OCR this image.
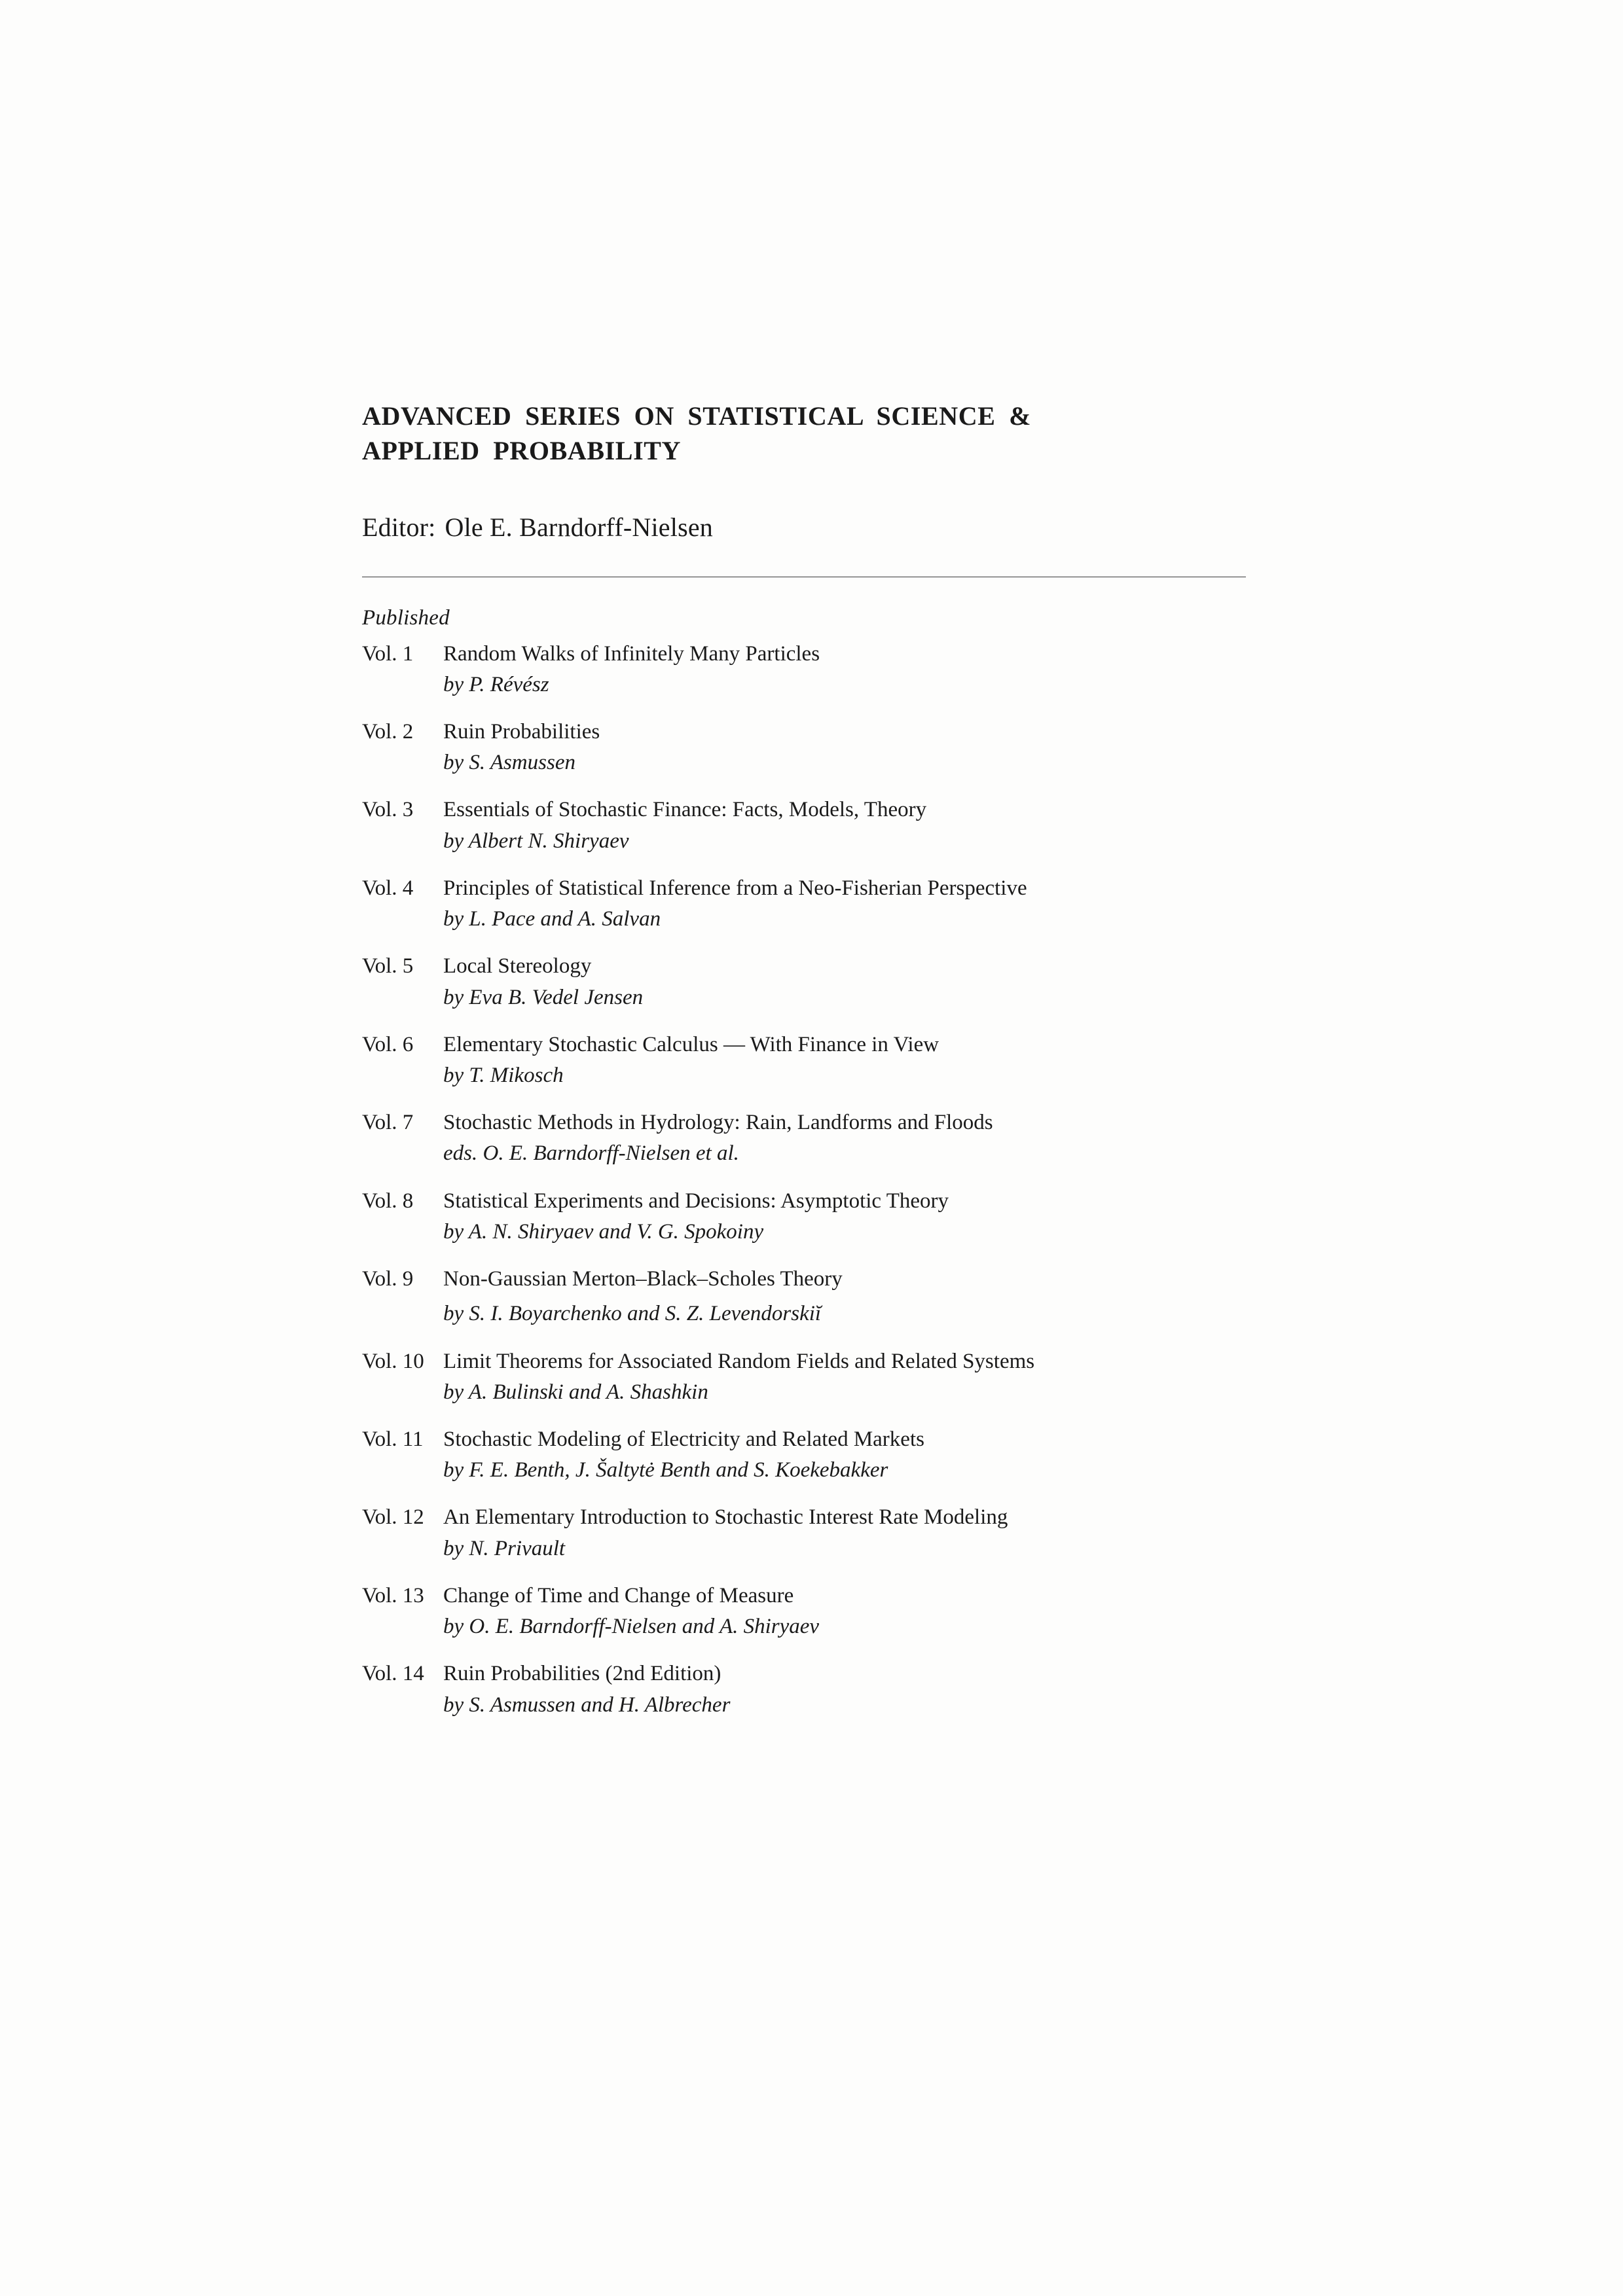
ADVANCED SERIES ON STATISTICAL SCIENCE &
APPLIED PROBABILITY
Editor: Ole E. Barndorff-Nielsen
Published
Vol. 1	Random Walks of Infinitely Many Particles
by P. Révész
Vol. 2	Ruin Probabilities
by S. Asmussen
Vol. 3	Essentials of Stochastic Finance: Facts, Models, Theory
by Albert N. Shiryaev
Vol. 4	Principles of Statistical Inference from a Neo-Fisherian Perspective
by L. Pace and A. Salvan
Vol. 5	Local Stereology
by Eva B. Vedel Jensen
Vol. 6	Elementary Stochastic Calculus — With Finance in View
by T. Mikosch
Vol. 7	Stochastic Methods in Hydrology: Rain, Landforms and Floods
eds. O. E. Barndorff-Nielsen et al.
Vol. 8	Statistical Experiments and Decisions: Asymptotic Theory
by A. N. Shiryaev and V. G. Spokoiny
Vol. 9	Non-Gaussian Merton–Black–Scholes Theory
by S. I. Boyarchenko and S. Z. Levendorskiĭ
Vol. 10 Limit Theorems for Associated Random Fields and Related Systems
by A. Bulinski and A. Shashkin
Vol. 11 Stochastic Modeling of Electricity and Related Markets
by F. E. Benth, J. Šaltytė Benth and S. Koekebakker
Vol. 12 An Elementary Introduction to Stochastic Interest Rate Modeling
by N. Privault
Vol. 13 Change of Time and Change of Measure
by O. E. Barndorff-Nielsen and A. Shiryaev
Vol. 14 Ruin Probabilities (2nd Edition)
by S. Asmussen and H. Albrecher
